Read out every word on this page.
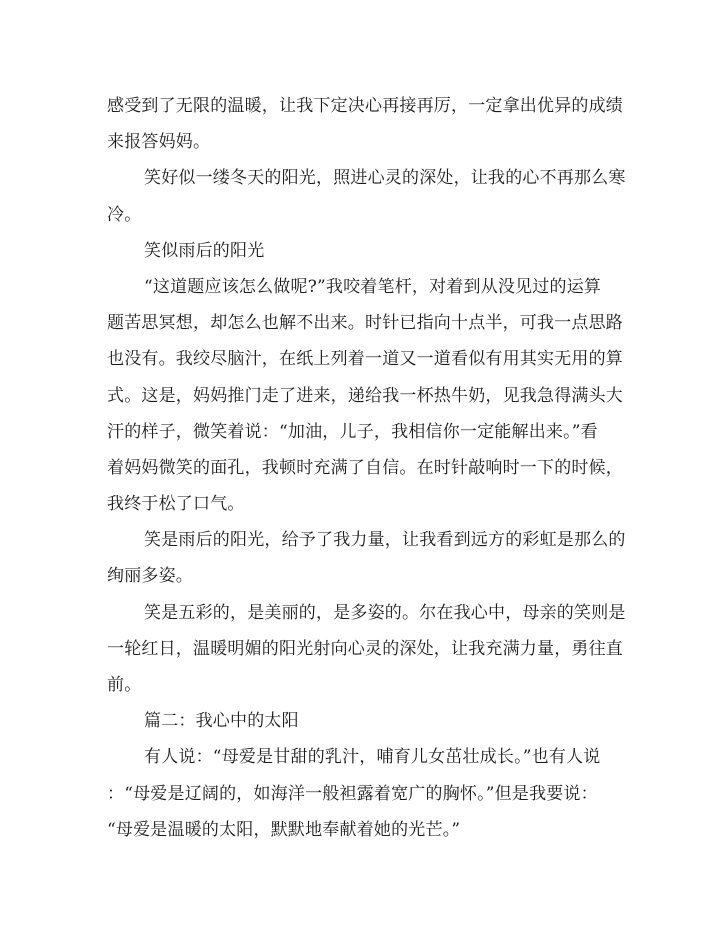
感受到了无限的温暖，让我下定决心再接再厉，一定拿出优异的成绩
来报答妈妈。
笑好似一缕冬天的阳光，照进心灵的深处，让我的心不再那么寒
冷。
笑似雨后的阳光
“这道题应该怎么做呢?”我咬着笔杆，对着到从没见过的运算
题苦思冥想，却怎么也解不出来。时针已指向十点半，可我一点思路
也没有。我绞尽脑汁，在纸上列着一道又一道看似有用其实无用的算
式。这是，妈妈推门走了进来，递给我一杯热牛奶，见我急得满头大
汗的样子，微笑着说：“加油，儿子，我相信你一定能解出来。”看
着妈妈微笑的面孔，我顿时充满了自信。在时针敲响时一下的时候，
我终于松了口气。
笑是雨后的阳光，给予了我力量，让我看到远方的彩虹是那么的
绚丽多姿。
笑是五彩的，是美丽的，是多姿的。尔在我心中，母亲的笑则是
一轮红日，温暖明媚的阳光射向心灵的深处，让我充满力量，勇往直
前。
篇二：我心中的太阳
有人说：“母爱是甘甜的乳汁，哺育儿女茁壮成长。”也有人说
：“母爱是辽阔的，如海洋一般袒露着宽广的胸怀。”但是我要说：
“母爱是温暖的太阳，默默地奉献着她的光芒。”
